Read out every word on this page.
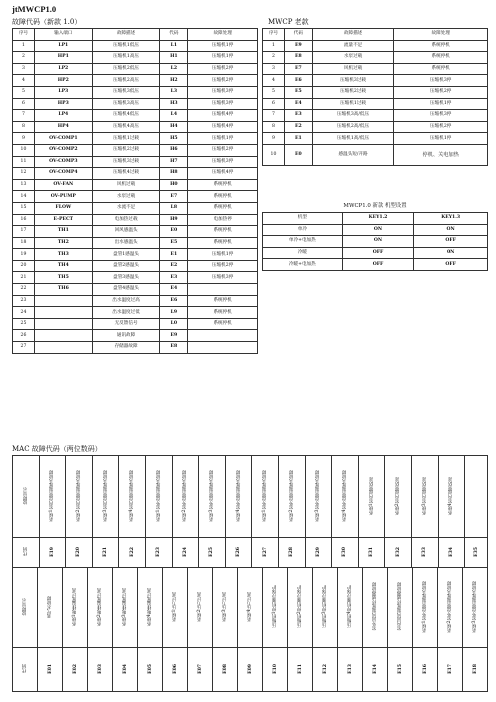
jtMWCP1.0
故障代码（新款 1.0）	MWCP 老款
序号	输入端口	故障描述	代码	故障处理
1	LP1	压缩机1低压	L1	压缩机1停
2	HP1	压缩机1高压	H1	压缩机1停
3	LP2	压缩机2低压	L2	压缩机2停
4	HP2	压缩机2高压	H2	压缩机2停
5	LP3	压缩机3低压	L3	压缩机3停
6	HP3	压缩机3高压	H3	压缩机3停
7	LP4	压缩机4低压	L4	压缩机4停
8	HP4	压缩机4高压	H4	压缩机4停
9	OV-COMP1	压缩机1过载	H5	压缩机1停
10	OV-COMP2	压缩机2过载	H6	压缩机2停
11	OV-COMP3	压缩机3过载	H7	压缩机3停
12	OV-COMP4	压缩机4过载	H8	压缩机4停
13	OV-FAN	风机过载	H0	系统停机
14	OV-PUMP	水泵过载	E7	系统停机
15	FLOW	水流不足	L8	系统停机
16	E-PECT	电加热过载	H9	电加热停
17	TH1	回风感温头	E0	系统停机
18	TH2	出水感温头	E5	系统停机
19	TH3	盘管1感温头	E1	压缩机1停
20	TH4	盘管2感温头	E2	压缩机2停
21	TH5	盘管3感温头	E3	压缩机3停
22	TH6	盘管4感温头	E4	
23		出水温度过高	E6	系统停机
24		出水温度过低	L9	系统停机
25		无反馈信号	L0	系统停机
26		通讯故障	E9	
27		存储器故障	E8	
序号	代码	故障描述	故障处理
1	E9	流量不足	系统停机
2	E8	水泵过载	系统停机
3	E7	风机过载	系统停机
4	E6	压缩机3过载	压缩机3停
5	E5	压缩机2过载	压缩机2停
6	E4	压缩机1过载	压缩机1停
7	E3	压缩机3高/低压	压缩机3停
8	E2	压缩机2高/低压	压缩机2停
9	E1	压缩机1高/低压	压缩机1停
10	E0	感温头短/开路	停机、关电加热
MWCP1.0 新款 机型设置
机型	KEY1.2	KEY1.3
单冷	ON	ON
单冷+电加热	ON	OFF
冷暖	OFF	0N
冷暖+电加热	OFF	OFF
MAC 故障代码（两位数码）
故障显示	系统1室内盘管温度头故障	系统2室内盘管温度头故障	系统3室内盘管温度头故障	系统4室内盘管温度头故障	系统1室外盘管温度头故障	系统2室外盘管温度头故障	系统3室外盘管温度头故障	系统4室外盘管温度头故障	系统1室外盘管温度头故障	系统2室外盘管温度头故障	系统3室外盘管温度头故障	系统4室外盘管温度头故障	系统1室内盘管防冻	系统2室内盘管防冻	系统3室内盘管防冻	系统4室内盘管防冻	
代码	E19	E20	E21	E22	E23	E24	E25	E26	E27	E28	E29	E30	E31	E32	E33	E34	E35
故障显示	蒸气水故障	系统1吸排温度过高	系统2吸排温度过高	系统3吸排温度过高	系统4吸排温度过高	系统1压力过高	系统2压力过高	系统3压力过高	系统4压力过高	压缩机1停机制冷保护	压缩机2停机制冷保护	压缩机3停机制冷保护	压缩机4停机制冷保护	室外回风温度传感器故障	室内回风温度传感器故障	系统1室外盘管温度头故障	系统2室外盘管温度头故障	系统3室外盘管温度头故障
代码	E01	E02	E03	E04	E05	E06	E07	E08	E09	E10	E11	E12	E13	E14	E15	E16	E17	E18
